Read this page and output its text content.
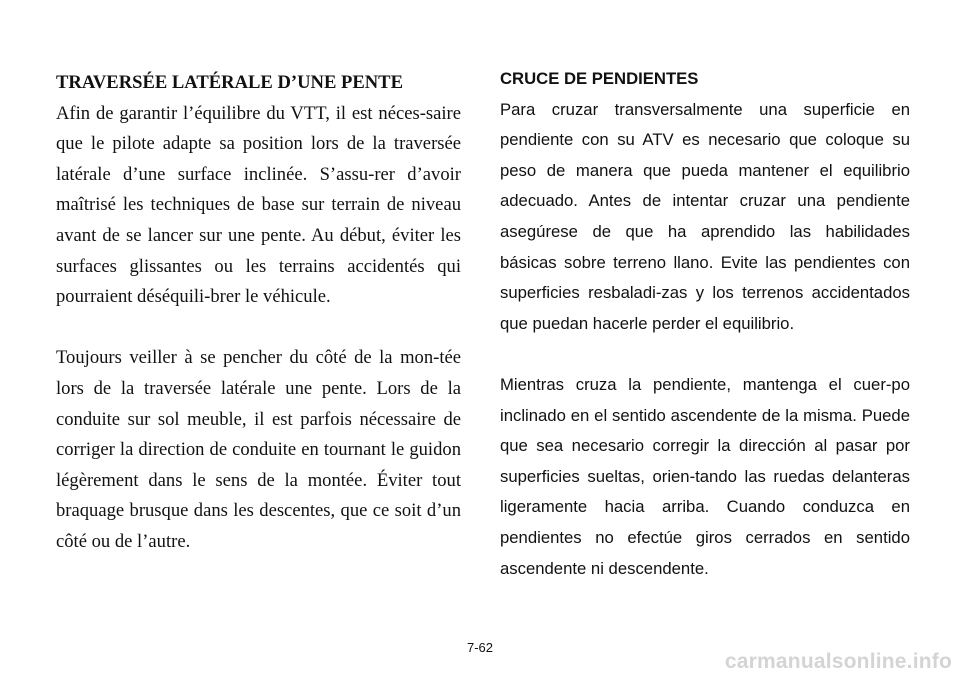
TRAVERSÉE LATÉRALE D’UNE PENTE

Afin de garantir l’équilibre du VTT, il est néces-saire que le pilote adapte sa position lors de la traversée latérale d’une surface inclinée. S’assu-rer d’avoir maîtrisé les techniques de base sur terrain de niveau avant de se lancer sur une pente. Au début, éviter les surfaces glissantes ou les terrains accidentés qui pourraient déséquili-brer le véhicule.

Toujours veiller à se pencher du côté de la mon-tée lors de la traversée latérale une pente. Lors de la conduite sur sol meuble, il est parfois nécessaire de corriger la direction de conduite en tournant le guidon légèrement dans le sens de la montée. Éviter tout braquage brusque dans les descentes, que ce soit d’un côté ou de l’autre.

CRUCE DE PENDIENTES

Para cruzar transversalmente una superficie en pendiente con su ATV es necesario que coloque su peso de manera que pueda mantener el equilibrio adecuado. Antes de intentar cruzar una pendiente asegúrese de que ha aprendido las habilidades básicas sobre terreno llano. Evite las pendientes con superficies resbaladi-zas y los terrenos accidentados que puedan hacerle perder el equilibrio.

Mientras cruza la pendiente, mantenga el cuer-po inclinado en el sentido ascendente de la misma. Puede que sea necesario corregir la dirección al pasar por superficies sueltas, orien-tando las ruedas delanteras ligeramente hacia arriba. Cuando conduzca en pendientes no efectúe giros cerrados en sentido ascendente ni descendente.

7-62
carmanualsonline.info
